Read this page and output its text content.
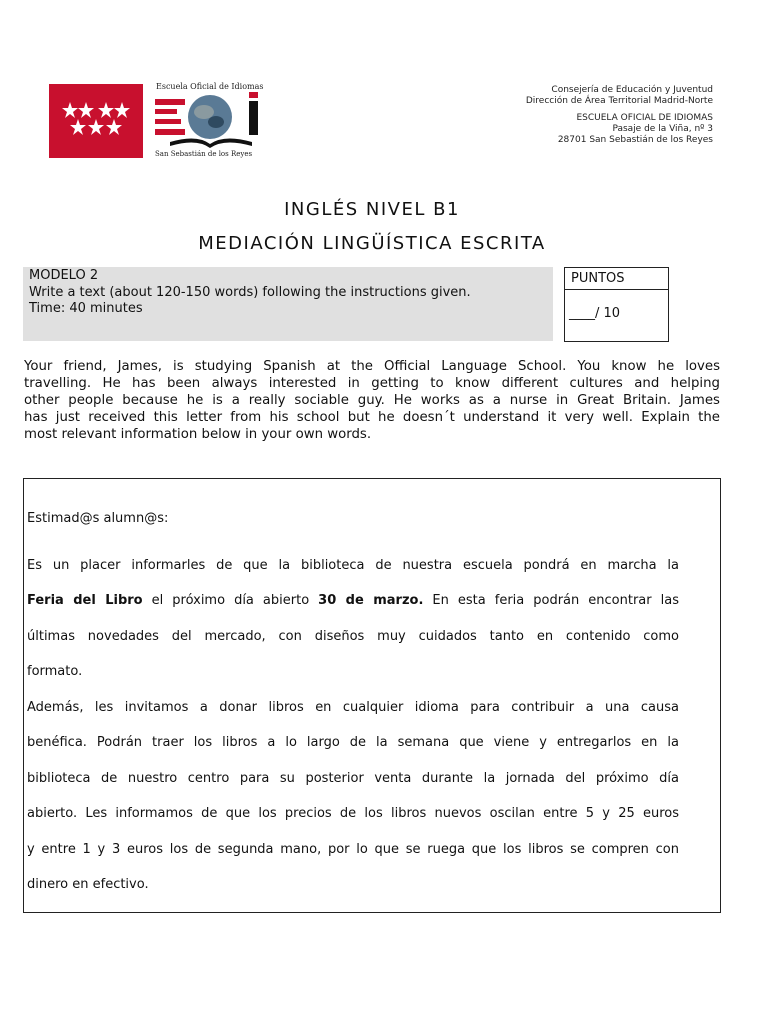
Escuela Oficial de Idiomas
San Sebastián de los Reyes
Consejería de Educación y Juventud
Dirección de Área Territorial Madrid-Norte
ESCUELA OFICIAL DE IDIOMAS
Pasaje de la Viña, nº 3
28701 San Sebastián de los Reyes
INGLÉS NIVEL B1
MEDIACIÓN LINGÜÍSTICA ESCRITA
MODELO 2
Write a text (about 120-150 words) following the instructions given.
Time: 40 minutes
PUNTOS
____/ 10
Your friend, James, is studying Spanish at the Official Language School. You know he loves
travelling. He has been always interested in getting to know different cultures and helping
other people because he is a really sociable guy. He works as a nurse in Great Britain. James
has just received this letter from his school but he doesn´t understand it very well. Explain the
most relevant information below in your own words.
Estimad@s alumn@s:
Es un placer informarles de que la biblioteca de nuestra escuela pondrá en marcha la
Feria del Libro el próximo día abierto 30 de marzo. En esta feria podrán encontrar las
últimas novedades del mercado, con diseños muy cuidados tanto en contenido como
formato.
Además, les invitamos a donar libros en cualquier idioma para contribuir a una causa
benéfica. Podrán traer los libros a lo largo de la semana que viene y entregarlos en la
biblioteca de nuestro centro para su posterior venta durante la jornada del próximo día
abierto. Les informamos de que los precios de los libros nuevos oscilan entre 5 y 25 euros
y entre 1 y 3 euros los de segunda mano, por lo que se ruega que los libros se compren con
dinero en efectivo.
